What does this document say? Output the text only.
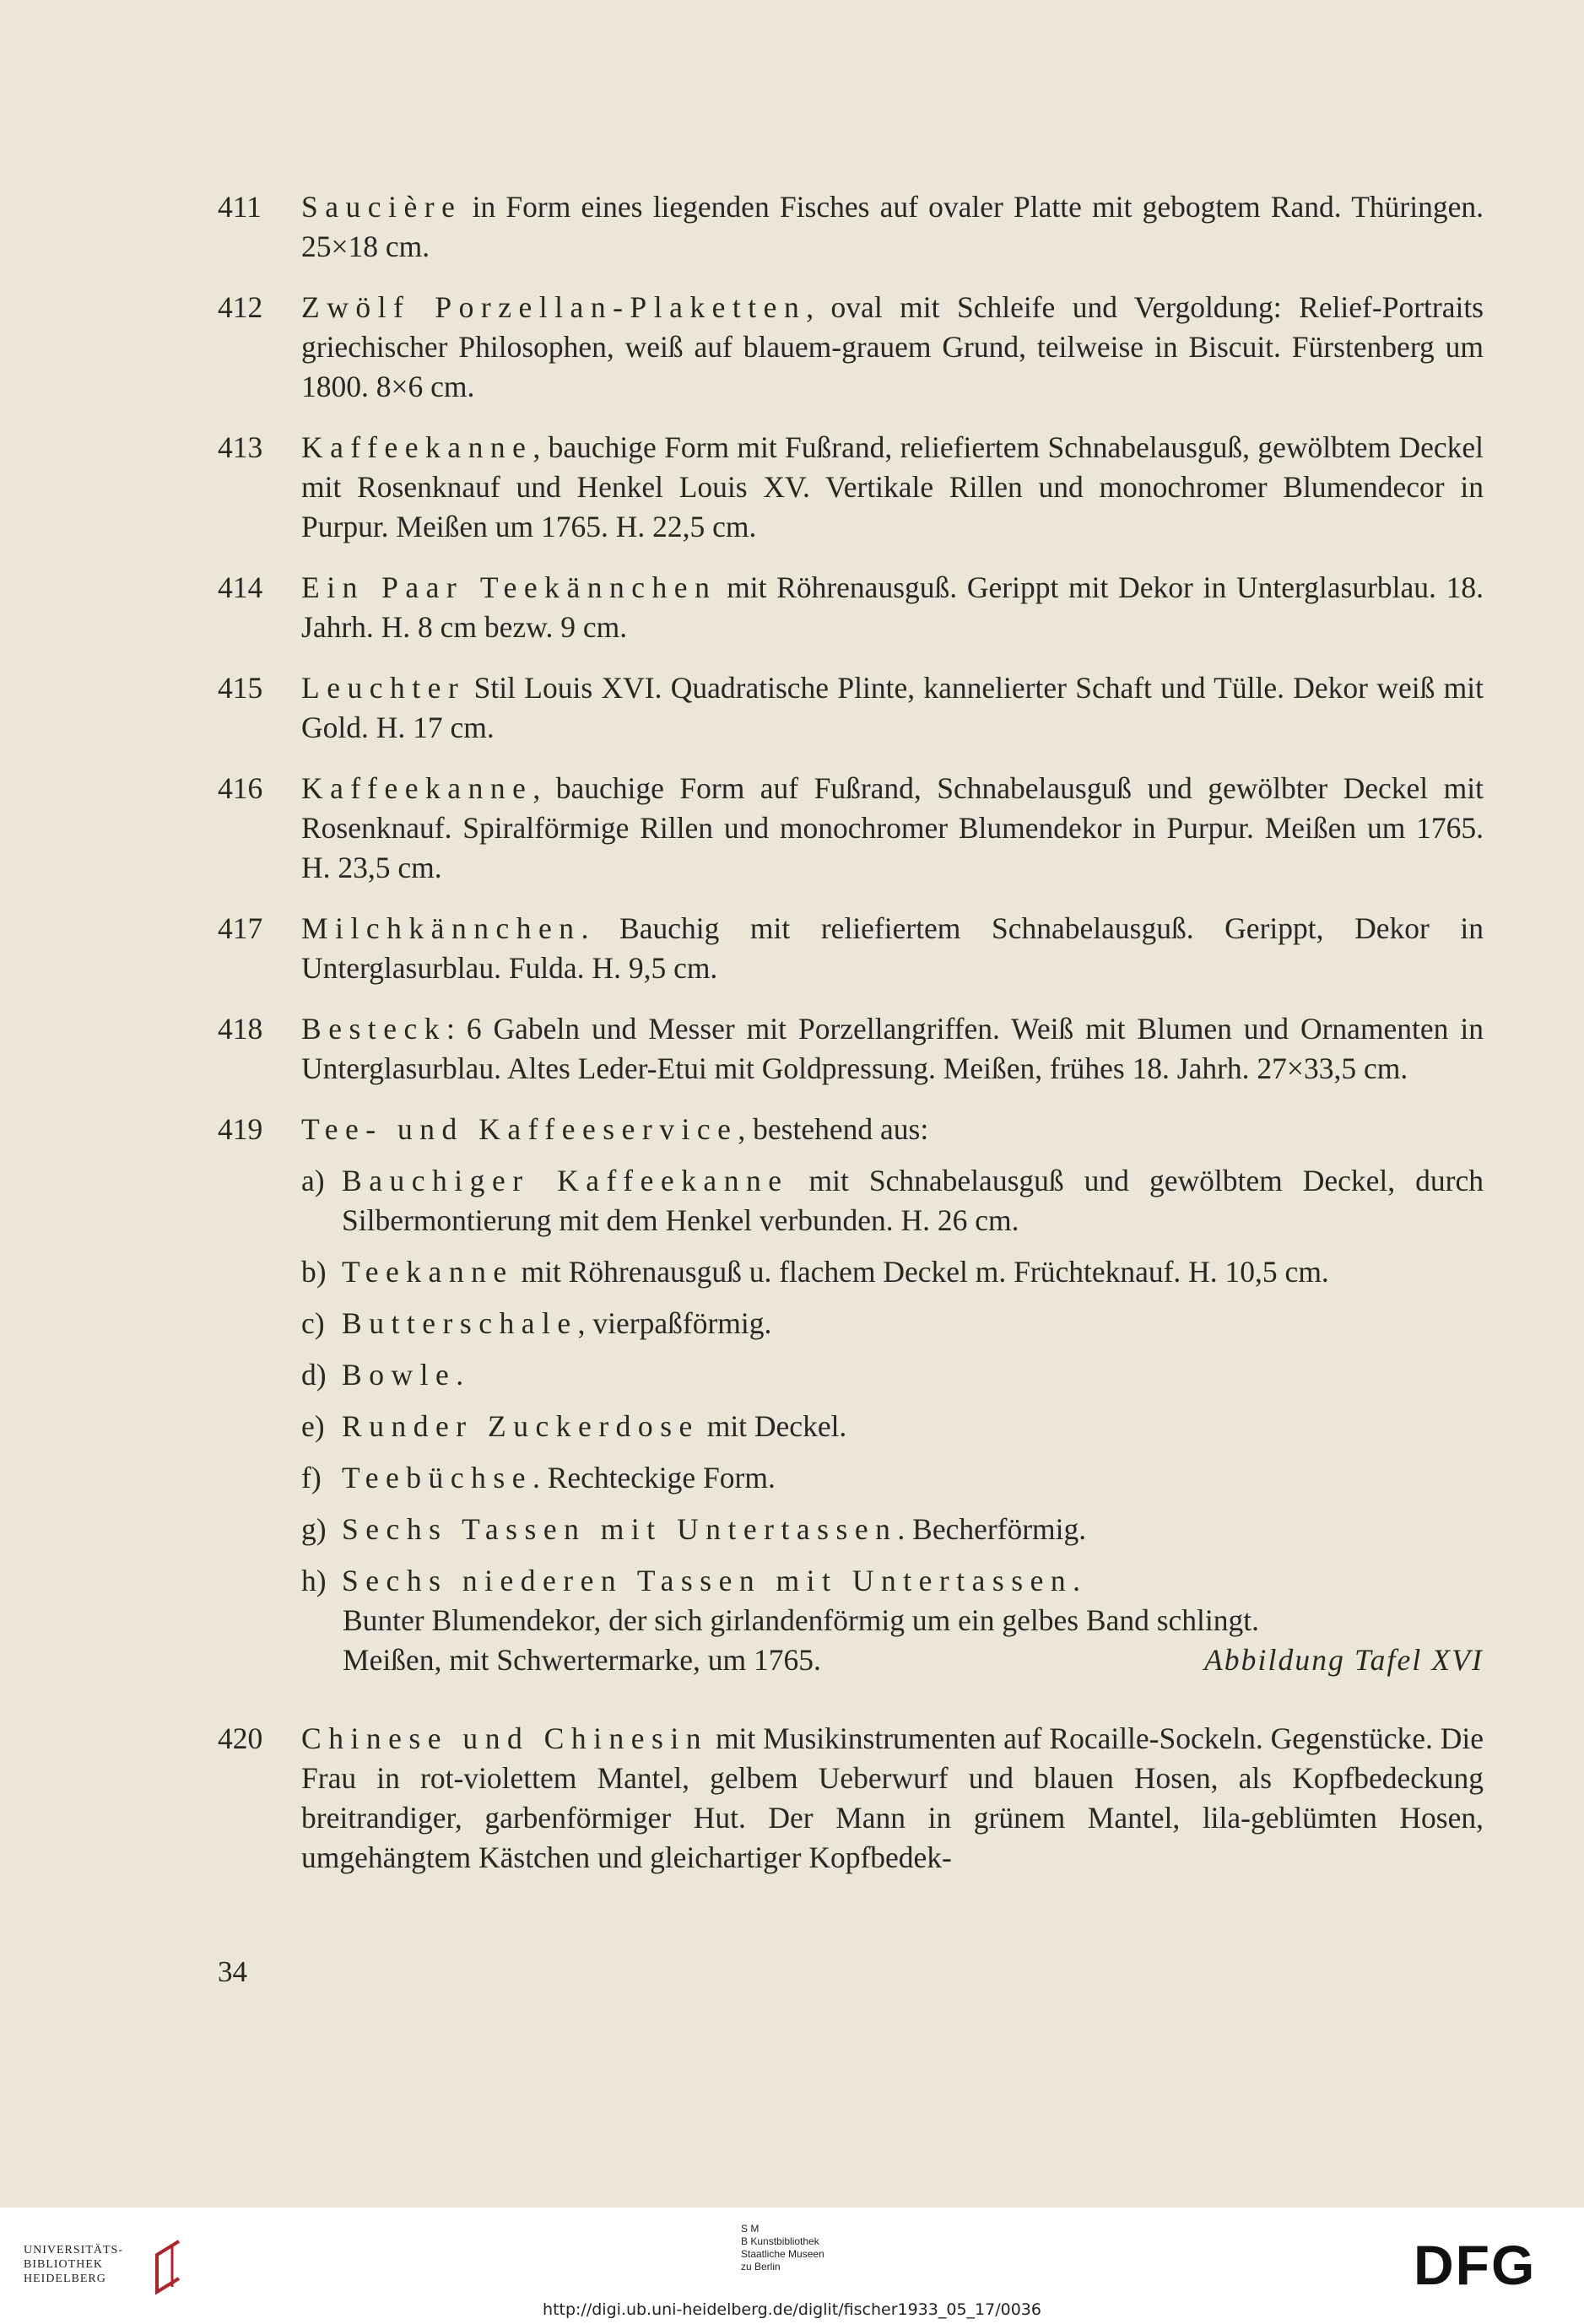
411	Saucière in Form eines liegenden Fisches auf ovaler Platte mit gebogtem Rand. Thüringen. 25×18 cm.
412	Zwölf Porzellan-Plaketten, oval mit Schleife und Vergoldung: Relief-Portraits griechischer Philosophen, weiß auf blauem-grauem Grund, teilweise in Biscuit. Fürstenberg um 1800. 8×6 cm.
413	Kaffeekanne, bauchige Form mit Fußrand, reliefiertem Schnabelausguß, gewölbtem Deckel mit Rosenknauf und Henkel Louis XV. Vertikale Rillen und monochromer Blumendecor in Purpur. Meißen um 1765. H. 22,5 cm.
414	Ein Paar Teekännchen mit Röhrenausguß. Gerippt mit Dekor in Unterglasurblau. 18. Jahrh. H. 8 cm bezw. 9 cm.
415	Leuchter Stil Louis XVI. Quadratische Plinte, kannelierter Schaft und Tülle. Dekor weiß mit Gold. H. 17 cm.
416	Kaffeekanne, bauchige Form auf Fußrand, Schnabelausguß und gewölbter Deckel mit Rosenknauf. Spiralförmige Rillen und monochromer Blumendekor in Purpur. Meißen um 1765. H. 23,5 cm.
417	Milchkännchen. Bauchig mit reliefiertem Schnabelausguß. Gerippt, Dekor in Unterglasurblau. Fulda. H. 9,5 cm.
418	Besteck: 6 Gabeln und Messer mit Porzellangriffen. Weiß mit Blumen und Ornamenten in Unterglasurblau. Altes Leder-Etui mit Goldpressung. Meißen, frühes 18. Jahrh. 27×33,5 cm.
419	Tee- und Kaffeeservice, bestehend aus:
a) Bauchiger Kaffeekanne mit Schnabelausguß und gewölbtem Deckel, durch Silbermontierung mit dem Henkel verbunden. H. 26 cm.
b) Teekanne mit Röhrenausguß u. flachem Deckel m. Früchteknauf. H. 10,5 cm.
c) Butterschale, vierpaßförmig.
d) Bowle.
e) Runder Zuckerdose mit Deckel.
f) Teebüchse. Rechteckige Form.
g) Sechs Tassen mit Untertassen. Becherförmig.
h) Sechs niederen Tassen mit Untertassen.
Bunter Blumendekor, der sich girlandenförmig um ein gelbes Band schlingt.
Meißen, mit Schwertermarke, um 1765.	Abbildung Tafel XVI
420	Chinese und Chinesin mit Musikinstrumenten auf Rocaille-Sockeln. Gegenstücke. Die Frau in rot-violettem Mantel, gelbem Ueberwurf und blauen Hosen, als Kopfbedeckung breitrandiger, garbenförmiger Hut. Der Mann in grünem Mantel, lila-geblümten Hosen, umgehängtem Kästchen und gleichartiger Kopfbedek-
34
UNIVERSITÄTS-
BIBLIOTHEK
HEIDELBERG
S M
B Kunstbibliothek
Staatliche Museen
zu Berlin	DFG
http://digi.ub.uni-heidelberg.de/diglit/fischer1933_05_17/0036
